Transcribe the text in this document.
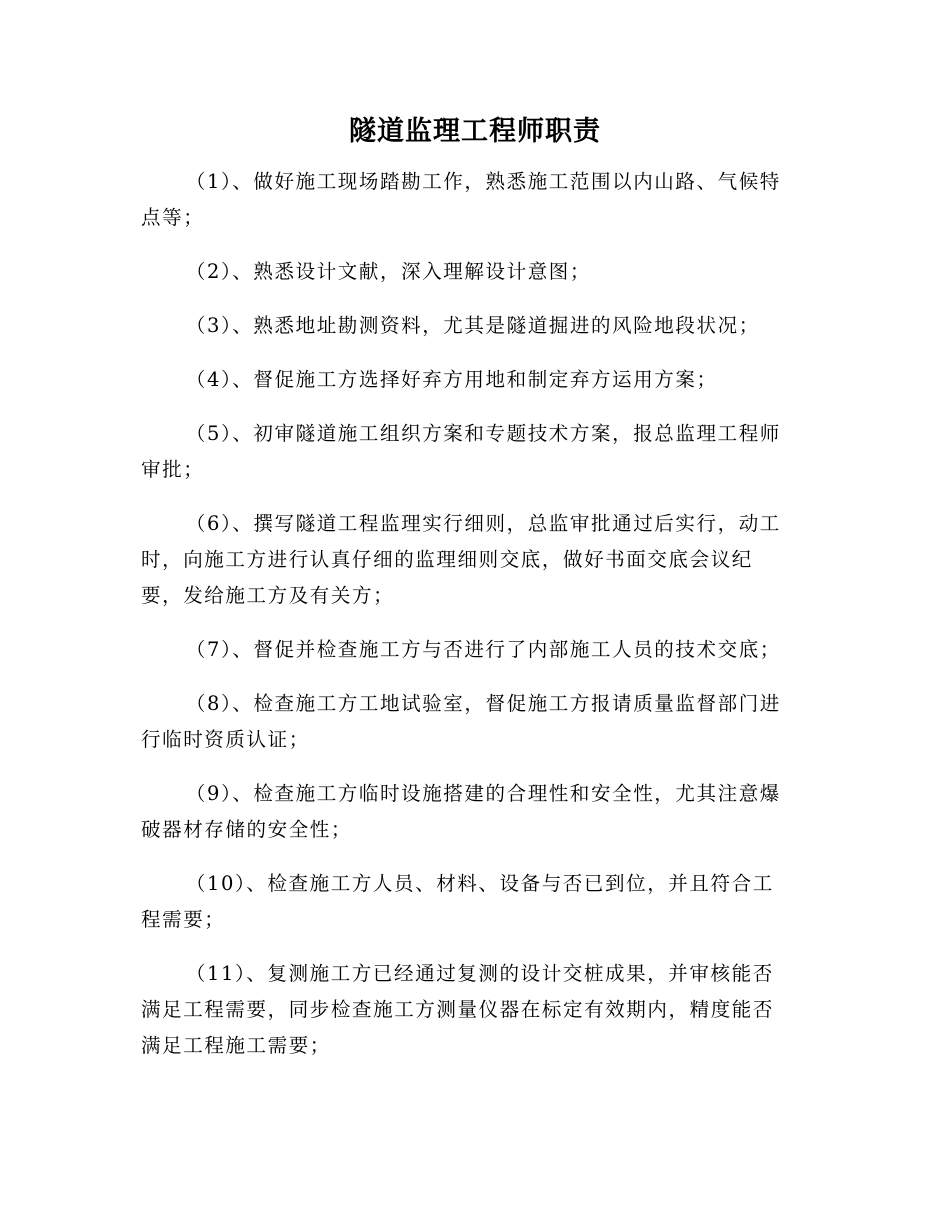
隧道监理工程师职责

（1）、做好施工现场踏勘工作，熟悉施工范围以内山路、气候特
点等；

（2）、熟悉设计文献，深入理解设计意图；

（3）、熟悉地址勘测资料，尤其是隧道掘进的风险地段状况；

（4）、督促施工方选择好弃方用地和制定弃方运用方案；

（5）、初审隧道施工组织方案和专题技术方案，报总监理工程师
审批；

（6）、撰写隧道工程监理实行细则，总监审批通过后实行，动工
时，向施工方进行认真仔细的监理细则交底，做好书面交底会议纪
要，发给施工方及有关方；

（7）、督促并检查施工方与否进行了内部施工人员的技术交底；

（8）、检查施工方工地试验室，督促施工方报请质量监督部门进
行临时资质认证；

（9）、检查施工方临时设施搭建的合理性和安全性，尤其注意爆
破器材存储的安全性；

（10）、检查施工方人员、材料、设备与否已到位，并且符合工
程需要；

（11）、复测施工方已经通过复测的设计交桩成果，并审核能否
满足工程需要，同步检查施工方测量仪器在标定有效期内，精度能否
满足工程施工需要；
